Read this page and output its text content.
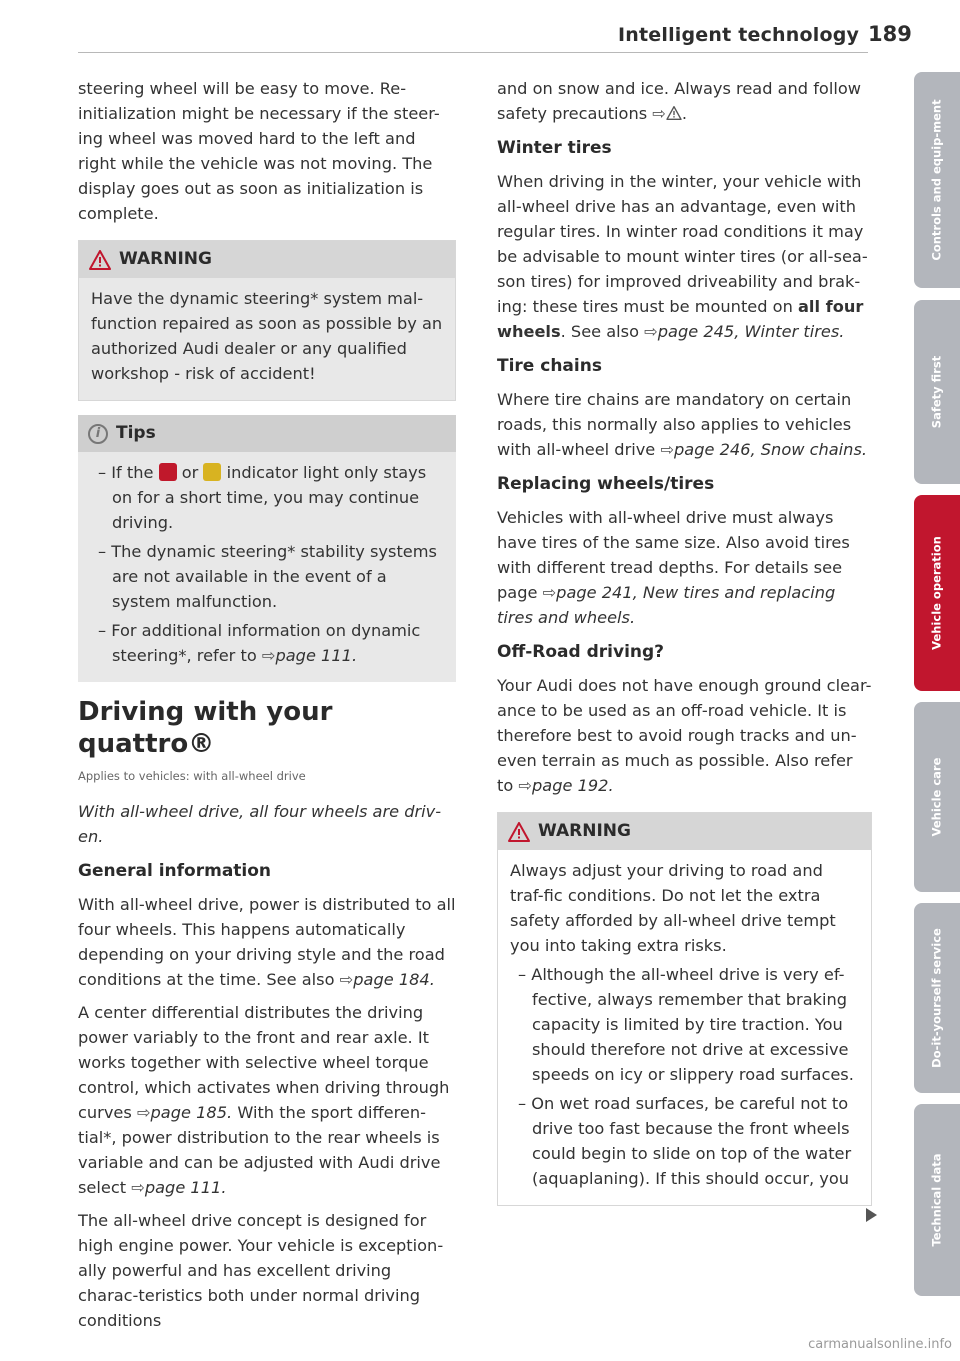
Intelligent technology 189

steering wheel will be easy to move. Re-initialization might be necessary if the steer-ing wheel was moved hard to the left and right while the vehicle was not moving. The display goes out as soon as initialization is complete.

WARNING

Have the dynamic steering* system mal-function repaired as soon as possible by an authorized Audi dealer or any qualified workshop - risk of accident!

i Tips

– If the or indicator light only stays on for a short time, you may continue driving.

– The dynamic steering* stability systems are not available in the event of a system malfunction.

– For additional information on dynamic steering*, refer to ⇨page 111.

Driving with your quattro®

Applies to vehicles: with all-wheel drive

With all-wheel drive, all four wheels are driv-en.

General information

With all-wheel drive, power is distributed to all four wheels. This happens automatically depending on your driving style and the road conditions at the time. See also ⇨page 184.

A center differential distributes the driving power variably to the front and rear axle. It works together with selective wheel torque control, which activates when driving through curves ⇨page 185. With the sport differen-tial*, power distribution to the rear wheels is variable and can be adjusted with Audi drive select ⇨page 111.

The all-wheel drive concept is designed for high engine power. Your vehicle is exception-ally powerful and has excellent driving charac-teristics both under normal driving conditions

and on snow and ice. Always read and follow safety precautions ⇨ .

Winter tires

When driving in the winter, your vehicle with all-wheel drive has an advantage, even with regular tires. In winter road conditions it may be advisable to mount winter tires (or all-sea-son tires) for improved driveability and brak-ing: these tires must be mounted on all four wheels. See also ⇨page 245, Winter tires.

Tire chains

Where tire chains are mandatory on certain roads, this normally also applies to vehicles with all-wheel drive ⇨page 246, Snow chains.

Replacing wheels/tires

Vehicles with all-wheel drive must always have tires of the same size. Also avoid tires with different tread depths. For details see page ⇨page 241, New tires and replacing tires and wheels.

Off-Road driving?

Your Audi does not have enough ground clear-ance to be used as an off-road vehicle. It is therefore best to avoid rough tracks and un-even terrain as much as possible. Also refer to ⇨page 192.

WARNING

Always adjust your driving to road and traf-fic conditions. Do not let the extra safety afforded by all-wheel drive tempt you into taking extra risks.

– Although the all-wheel drive is very ef-fective, always remember that braking capacity is limited by tire traction. You should therefore not drive at excessive speeds on icy or slippery road surfaces.

– On wet road surfaces, be careful not to drive too fast because the front wheels could begin to slide on top of the water (aquaplaning). If this should occur, you

Controls and equip-ment
Safety first
Vehicle operation
Vehicle care
Do-it-yourself service
Technical data
carmanualsonline.info
